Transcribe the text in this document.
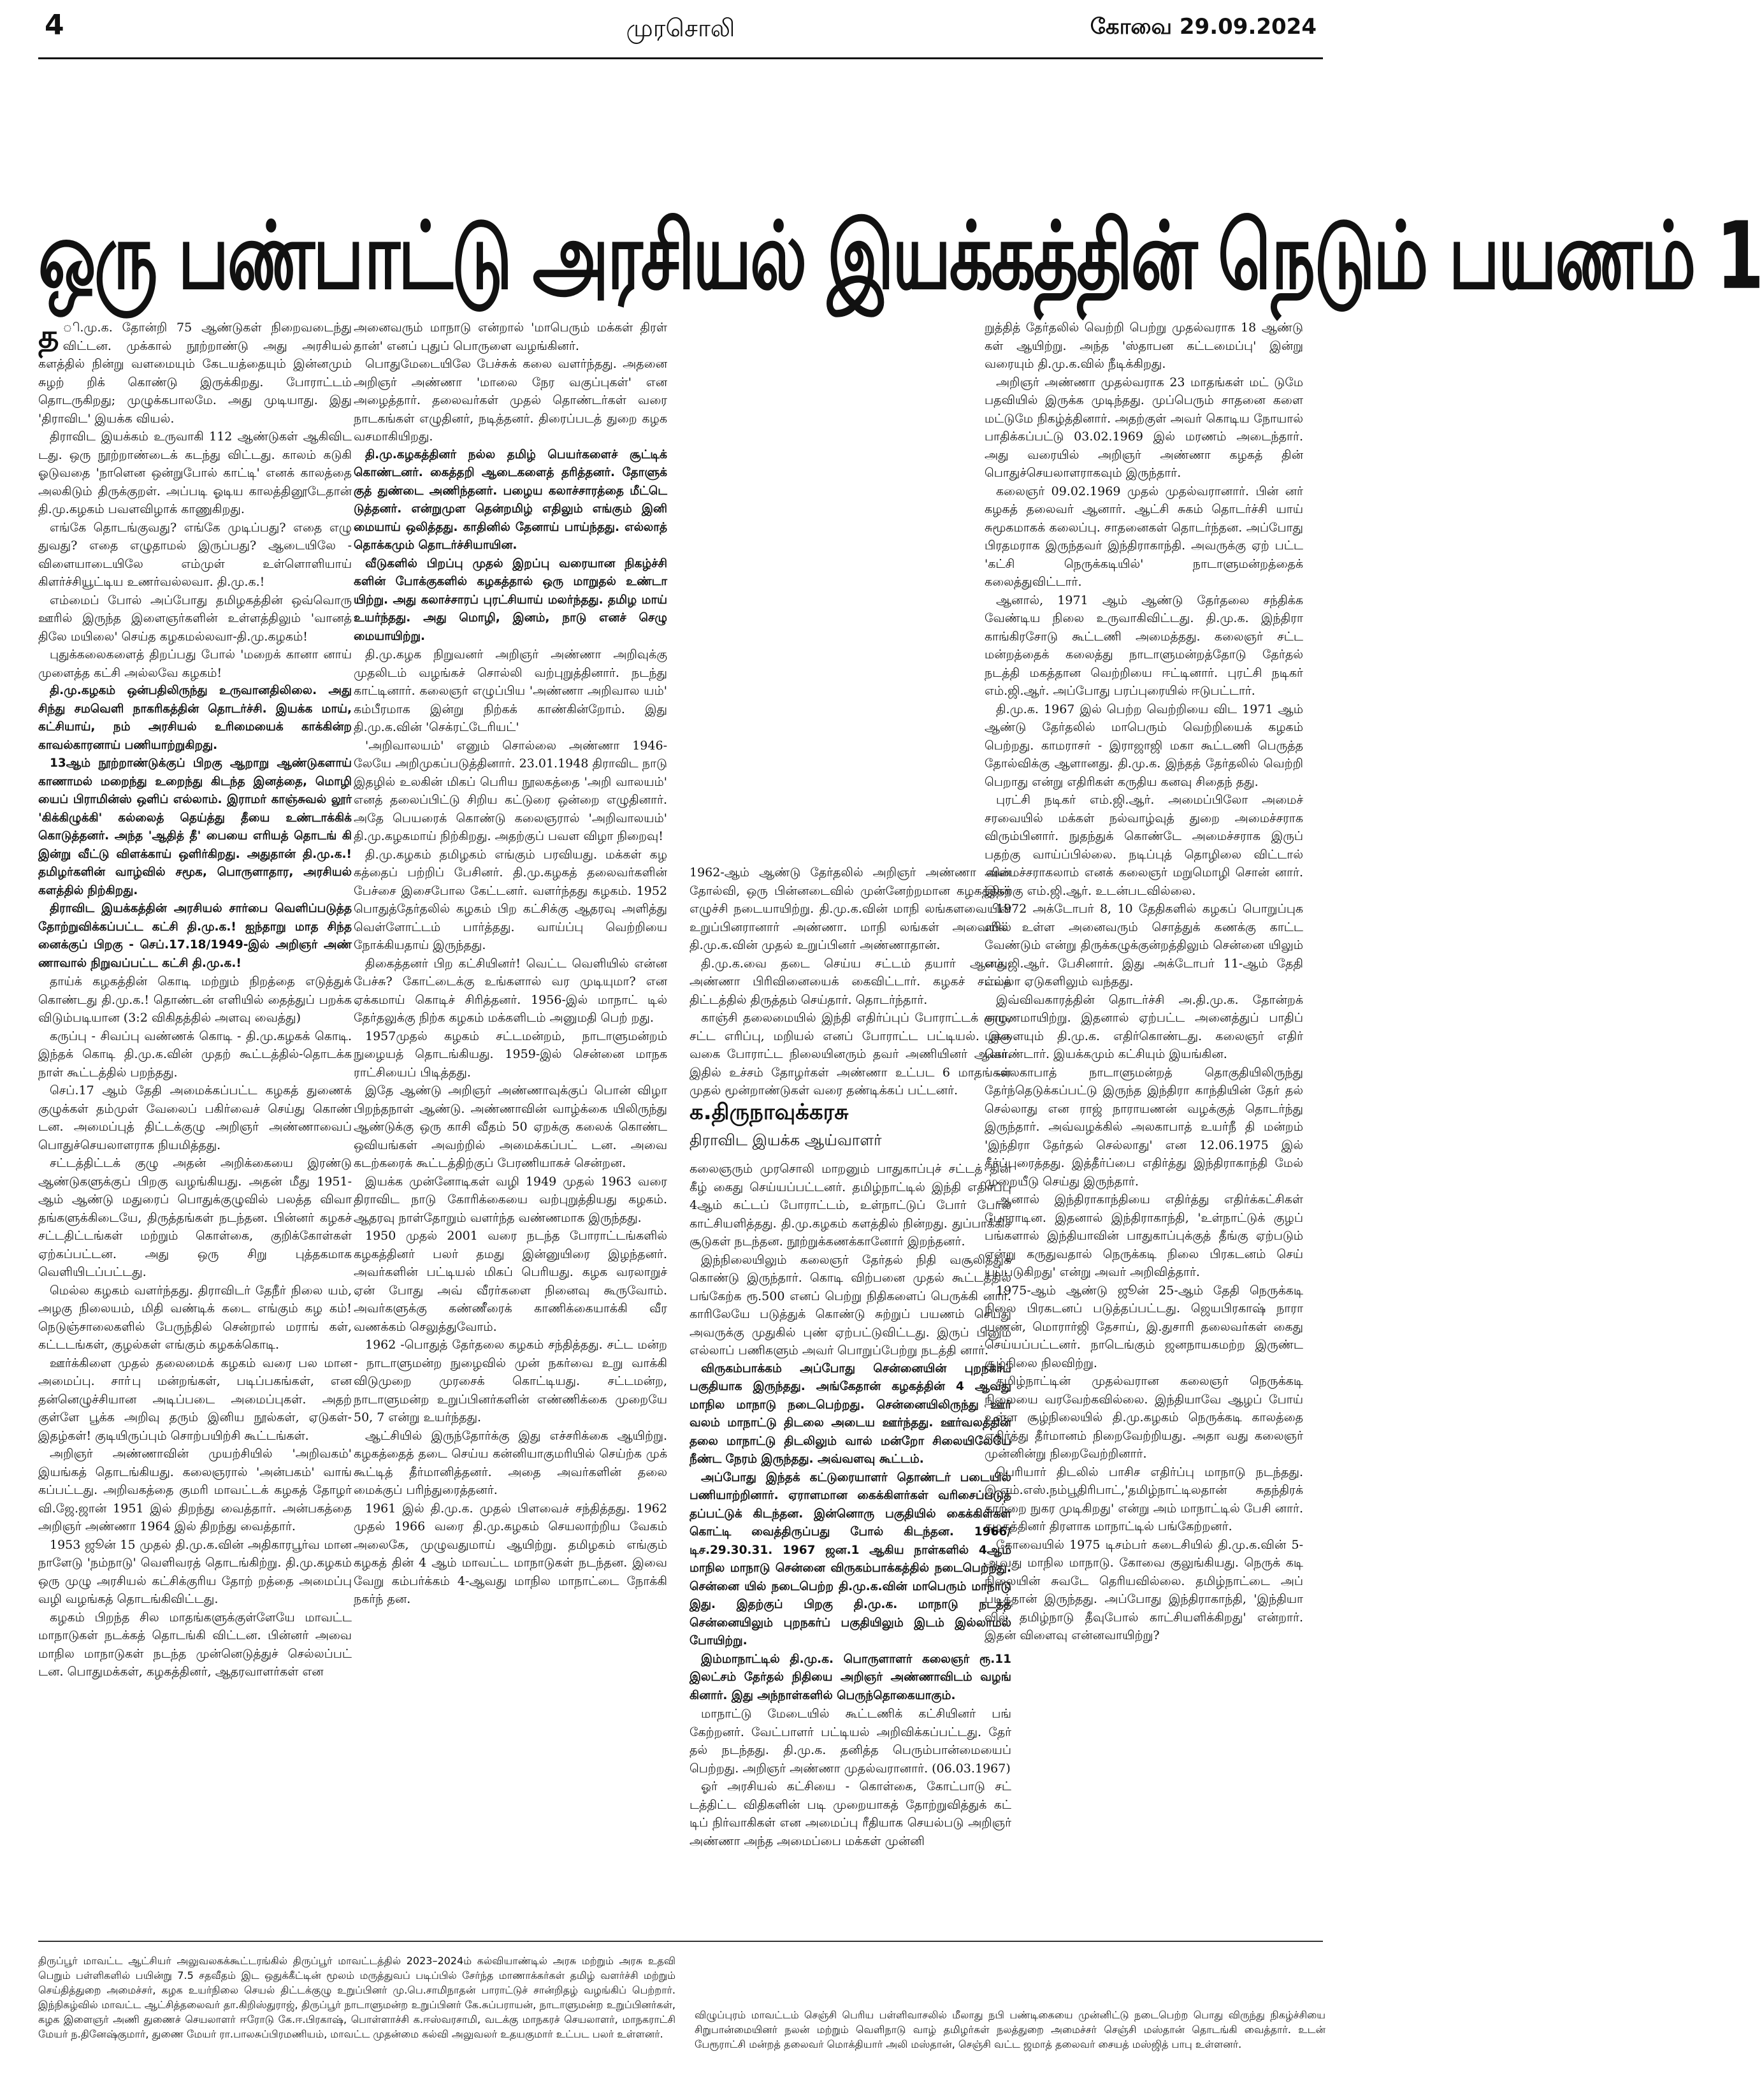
4	முரசொலி	கோவை 29.09.2024
ஒரு பண்பாட்டு அரசியல் இயக்கத்தின் நெடும் பயணம் 1

த ி.மு.க. தோன்றி 75 ஆண்டுகள் நிறைவடைந்து விட்டன. முக்கால் நூற்றாண்டு அது அரசியல் களத்தில் நின்று வளமையும் கேடயத்தையும் இன்னமும் சுழற் றிக் கொண்டு இருக்கிறது. போராட்டம் தொடருகிறது; முழுக்கபாலமே. அது முடியாது. இது 'திராவிட' இயக்க வியல்.

திராவிட இயக்கம் உருவாகி 112 ஆண்டுகள் ஆகிவிட டது. ஒரு நூற்றாண்டைக் கடந்து விட்டது. காலம் கடுகி ஓடுவதை 'நாளென ஒன்றுபோல் காட்டி' எனக் காலத்தை அலகிடும் திருக்குறள். அப்படி ஓடிய காலத்தினூடேதான் தி.மு.கழகம் பவளவிழாக் காணுகிறது.

எங்கே தொடங்குவது? எங்கே முடிப்பது? எதை எழு துவது? எதை எழுதாமல் இருப்பது? ஆடையிலே - விளையாடையிலே எம்முள் உள்ளொளியாய் கிளர்ச்சியூட்டிய உணர்வல்லவா. தி.மு.க.!

எம்மைப் போல் அப்போது தமிழகத்தின் ஒவ்வொரு ஊரில் இருந்த இளைஞர்களின் உள்ளத்திலும் 'வானத் திலே மயிலை' செய்த கழகமல்லவா-தி.மு.கழகம்!

புதுக்கலைகளைத் திறப்பது போல் 'மறைக் கானா னாய் முளைத்த கட்சி அல்லவே கழகம்!

தி.மு.கழகம் ஒன்பதிலிருந்து உருவானதிலிலை. அது சிந்து சமவெளி நாகரிகத்தின் தொடர்ச்சி. இயக்க மாய், கட்சியாய், நம் அரசியல் உரிமையைக் காக்கின்ற காவல்காரனாய் பணியாற்றுகிறது.

13ஆம் நூற்றாண்டுக்குப் பிறகு ஆறாறு ஆண்டுகளாய் காணாமல் மறைந்து உறைந்து கிடந்த இனத்தை, மொழி யைப் பிராமின்ஸ் ஒளிப் எல்லாம். இராமர் காஞ்சுவல் லூர் 'கிக்கிழுக்கி' கல்லைத் தெய்த்து தீயை உண்டாக்கிக் கொடுத்தனர். அந்த 'ஆதித் தீ' பையை எரியத் தொடங் கி இன்று வீட்டு விளக்காய் ஒளிர்கிறது. அதுதான் தி.மு.க.! தமிழர்களின் வாழ்வில் சமூக, பொருளாதார, அரசியல் களத்தில் நிற்கிறது.

திராவிட இயக்கத்தின் அரசியல் சார்பை வெளிப்படுத்த தோற்றுவிக்கப்பட்ட கட்சி தி.மு.க.! ஐந்தாறு மாத சிந்த னைக்குப் பிறகு - செப்.17.18/1949-இல் அறிஞர் அண் ணாவால் நிறுவப்பட்ட கட்சி தி.மு.க.!

தாய்க் கழகத்தின் கொடி மற்றும் நிறத்தை எடுத்துக் கொண்டது தி.மு.க.! தொண்டன் எளியில் தைத்துப் பறக்க விடும்படியான (3:2 விகிதத்தில் அளவு வைத்து)

கருப்பு - சிவப்பு வண்ணக் கொடி - தி.மு.கழகக் கொடி. இந்தக் கொடி தி.மு.க.வின் முதற் கூட்டத்தில்-தொடக்க நாள் கூட்டத்தில் பறந்தது.

செப்.17 ஆம் தேதி அமைக்கப்பட்ட கழகத் துணைக் குழுக்கள் தம்முள் வேலைப் பகிர்வைச் செய்து கொண் டன. அமைப்புத் திட்டக்குழு அறிஞர் அண்ணாவைப் பொதுச்செயலாளராக நியமித்தது.

சட்டத்திட்டக் குழு அதன் அறிக்கையை இரண்டு ஆண்டுகளுக்குப் பிறகு வழங்கியது. அதன் மீது 1951-ஆம் ஆண்டு மதுரைப் பொதுக்குழுவில் பலத்த விவா தங்களுக்கிடையே, திருத்தங்கள் நடந்தன. பின்னர் கழகச் சட்டதிட்டங்கள் மற்றும் கொள்கை, குறிக்கோள்கள் ஏற்கப்பட்டன. அது ஒரு சிறு புத்தகமாக வெளியிடப்பட்டது.

மெல்ல கழகம் வளர்ந்தது. திராவிடர் தேநீர் நிலை யம், அழகு நிலையம், மிதி வண்டிக் கடை எங்கும் கழ கம்! நெடுஞ்சாலைகளில் பேருந்தில் சென்றால் மராங் கள், கட்டடங்கள், குழல்கள் எங்கும் கழகக்கொடி.

ஊர்க்கிளை முதல் தலைமைக் கழகம் வரை பல மான அமைப்பு. சாா்பு மன்றங்கள், படிப்பகங்கள், என தன்னெழுச்சியான அடிப்படை அமைப்புகள். அதற் குள்ளே பூக்க அறிவு தரும் இனிய நூல்கள், ஏடுகள்- இதழ்கள்! குடியிருப்பும் சொற்பயிற்சி கூட்டங்கள்.

அறிஞர் அண்ணாவின் முயற்சியில் 'அறிவகம்' இயங்கத் தொடங்கியது. கலைஞரால் 'அன்பகம்' வாங் கப்பட்டது. அறிவகத்தை குமரி மாவட்டக் கழகத் தோழர் வி.ஜே.ஜான் 1951 இல் திறந்து வைத்தார். அன்பகத்தை அறிஞர் அண்ணா 1964 இல் திறந்து வைத்தார்.

1953 ஜூன் 15 முதல் தி.மு.க.வின் அதிகாரபூர்வ மான நாளேடு 'நம்நாடு' வெளிவரத் தொடங்கிற்று. தி.மு.கழகம் ஒரு முழு அரசியல் கட்சிக்குரிய தோற் றத்தை அமைப்பு வழி வழங்கத் தொடங்கிவிட்டது.

கழகம் பிறந்த சில மாதங்களுக்குள்ளேயே மாவட்ட மாநாடுகள் நடக்கத் தொடங்கி விட்டன. பின்னர் அவை மாநில மாநாடுகள் நடந்த முன்னெடுத்துச் செல்லப்பட் டன. பொதுமக்கள், கழகத்தினர், ஆதரவாளர்கள் என

அனைவரும் மாநாடு என்றால் 'மாபெரும் மக்கள் திரள் தான்' எனப் புதுப் பொருளை வழங்கினர்.

பொதுமேடையிலே பேச்சுக் கலை வளர்ந்தது. அதனை அறிஞர் அண்ணா 'மாலை நேர வகுப்புகள்' என அழைத்தார். தலைவர்கள் முதல் தொண்டர்கள் வரை நாடகங்கள் எழுதினர், நடித்தனர். திரைப்படத் துறை கழக வசமாகியிறது.

தி.மு.கழகத்தினர் நல்ல தமிழ் பெயர்களைச் சூட்டிக் கொண்டனர். கைத்தறி ஆடைகளைத் தரித்தனர். தோளுக் குத் துண்டை அணிந்தனர். பழைய கலாச்சாரத்தை மீட்டெ டுத்தனர். என்றுமுள தென்றமிழ் எதிலும் எங்கும் இனி மையாய் ஒலித்தது. காதினில் தேனாய் பாய்ந்தது. எல்லாத் தொக்கமும் தொடர்ச்சியாயின.

வீடுகளில் பிறப்பு முதல் இறப்பு வரையான நிகழ்ச்சி களின் போக்குகளில் கழகத்தால் ஒரு மாறுதல் உண்டா யிற்று. அது கலாச்சாரப் புரட்சியாய் மலர்ந்தது. தமிழ மாய் உயர்ந்தது. அது மொழி, இனம், நாடு எனச் செழு மையாயிற்று.

தி.மு.கழக நிறுவனர் அறிஞர் அண்ணா அறிவுக்கு முதலிடம் வழங்கச் சொல்லி வற்புறுத்தினார். நடந்து காட்டினார். கலைஞர் எழுப்பிய 'அண்ணா அறிவால யம்' கம்பீரமாக இன்று நிற்கக் காண்கின்றோம். இது தி.மு.க.வின் 'செக்ரட்டேரியட்'

'அறிவாலயம்' எனும் சொல்லை அண்ணா 1946-லேயே அறிமுகப்படுத்தினார். 23.01.1948 திராவிட நாடு இதழில் உலகின் மிகப் பெரிய நூலகத்தை 'அறி வாலயம்' எனத் தலைப்பிட்டு சிறிய கட்டுரை ஒன்றை எழுதினார். அதே பெயரைக் கொண்டு கலைஞரால் 'அறிவாலயம்' தி.மு.கழகமாய் நிற்கிறது. அதற்குப் பவள விழா நிறைவு!

தி.மு.கழகம் தமிழகம் எங்கும் பரவியது. மக்கள் கழ கத்தைப் பற்றிப் பேசினர். தி.மு.கழகத் தலைவர்களின் பேச்சை இசைபோல கேட்டனர். வளர்ந்தது கழகம். 1952 பொதுத்தேர்தலில் கழகம் பிற கட்சிக்கு ஆதரவு அளித்து வெள்ளோட்டம் பார்த்தது. வாய்ப்பு வெற்றியை நோக்கியதாய் இருந்தது.

திகைத்தனர் பிற கட்சியினர்! வெட்ட வெளியில் என்ன பேச்சு? கோட்டைக்கு உங்களால் வர முடியுமா? என ஏக்கமாய் கொடிச் சிரித்தனர். 1956-இல் மாநாட் டில் தேர்தலுக்கு நிற்க கழகம் மக்களிடம் அனுமதி பெற் றது.

1957முதல் கழகம் சட்டமன்றம், நாடாளுமன்றம் நுழையத் தொடங்கியது. 1959-இல் சென்னை மாநக ராட்சியைப் பிடித்தது.

இதே ஆண்டு அறிஞர் அண்ணாவுக்குப் பொன் விழா பிறந்தநாள் ஆண்டு. அண்ணாவின் வாழ்க்கை யிலிருந்து ஆண்டுக்கு ஒரு காசி வீதம் 50 ஏறக்கு கலைக் கொண்ட ஒவியங்கள் அவற்றில் அமைக்கப்பட் டன. அவை கடற்கரைக் கூட்டத்திற்குப் பேரணியாகச் சென்றன.

இயக்க முன்னோடிகள் வழி 1949 முதல் 1963 வரை திராவிட நாடு கோரிக்கையை வற்புறுத்தியது கழகம். ஆதரவு நாள்தோறும் வளர்ந்த வண்ணமாக இருந்தது.

1950 முதல் 2001 வரை நடந்த போராட்டங்களில் கழகத்தினர் பலர் தமது இன்னுயிரை இழந்தனர். அவர்களின் பட்டியல் மிகப் பெரியது. கழக வரலாறுச் ஏன் போது அவ் வீரர்களை நினைவு கூருவோம். அவர்களுக்கு கண்ணீரைக் காணிக்கையாக்கி வீர வணக்கம் செலுத்துவோம்.

1962 -பொதுத் தேர்தலை கழகம் சந்தித்தது. சட்ட மன்ற - நாடாளுமன்ற நுழைவில் முன் நகர்வை உறு வாக்கி விடுமுறை முரசைக் கொட்டியது. சட்டமன்ற, நாடாளுமன்ற உறுப்பினர்களின் எண்ணிக்கை முறையே 50, 7 என்று உயர்ந்தது.

ஆட்சியில் இருந்தோர்க்கு இது எச்சரிக்கை ஆயிற்று. கழகத்தைத் தடை செய்ய கன்னியாகுமரியில் செய்ற்க முக் கூட்டித் தீர்மானித்தனர். அதை அவர்களின் தலை மைக்குப் பரிந்துரைத்தனர்.

1961 இல் தி.மு.க. முதல் பிளவைச் சந்தித்தது. 1962 முதல் 1966 வரை தி.மு.கழகம் செயலாற்றிய வேகம் அலைகே, முழுவதுமாய் ஆயிற்று. தமிழகம் எங்கும் கழகத் தின் 4 ஆம் மாவட்ட மாநாடுகள் நடந்தன. இவை வேறு கம்பர்க்கம் 4-ஆவது மாநில மாநாட்டை நோக்கி நகர்ந் தன.

1962-ஆம் ஆண்டு தேர்தலில் அறிஞர் அண்ணா வின் தோல்வி, ஒரு பின்னடைவில் முன்னேற்றமான கழகத்தின் எழுச்சி நடையாயிற்று. தி.மு.க.வின் மாநி லங்களவையின் உறுப்பினரானார் அண்ணா. மாநி லங்கள் அவையில் தி.மு.க.வின் முதல் உறுப்பினர் அண்ணாதான்.

தி.மு.க.வை தடை செய்ய சட்டம் தயார் ஆனது. அண்ணா பிரிவினையைக் கைவிட்டார். கழகச் சட்டத் திட்டத்தில் திருத்தம் செய்தார். தொடர்ந்தார்.

காஞ்சி தலைமையில் இந்தி எதிர்ப்புப் போராட்டக் குழு, சட்ட எரிப்பு, மறியல் எனப் போராட்ட பட்டியல். இரு வகை போராட்ட நிலையினரும் தவர் அணியினர் ஆவர். இதில் உச்சம் தோழர்கள் அண்ணா உட்பட 6 மாதங்கள் முதல் மூன்றாண்டுகள் வரை தண்டிக்கப் பட்டனர்.

க.திருநாவுக்கரசு
திராவிட இயக்க ஆய்வாளர்

கலைஞரும் முரசொலி மாறனும் பாதுகாப்புச் சட்டத் தின் கீழ் கைது செய்யப்பட்டனர். தமிழ்நாட்டில் இந்தி எதிர்ப்பு 4ஆம் கட்டப் போராட்டம், உள்நாட்டுப் போர் போல் காட்சியளித்தது. தி.மு.கழகம் களத்தில் நின்றது. துப்பாக்கிச் சூடுகள் நடந்தன. நூற்றுக்கணக்கானோர் இறந்தனர்.

இந்நிலையிலும் கலைஞர் தேர்தல் நிதி வசூலித்துக் கொண்டு இருந்தார். கொடி விற்பனை முதல் கூட்டத்தில் பங்கேற்க ரூ.500 எனப் பெற்று நிதிகளைப் பெருக்கி னார். காரிலேயே படுத்துக் கொண்டு சுற்றுப் பயணம் செய்து அவருக்கு முதுகில் புண் ஏற்பட்டுவிட்டது. இருப் பினும் எல்லாப் பணிகளும் அவர் பொறுப்பேற்று நடத்தி னார்.

விருகம்பாக்கம் அப்போது சென்னையின் புறநகர்ப் பகுதியாக இருந்தது. அங்கேதான் கழகத்தின் 4 ஆவது மாநில மாநாடு நடைபெற்றது. சென்னையிலிருந்து ஊர் வலம் மாநாட்டு திடலை அடைய ஊர்ந்தது. ஊர்வலத்தின் தலை மாநாட்டு திடலிலும் வால் மன்றோ சிலையிலேயே நீண்ட நேரம் இருந்தது. அவ்வளவு கூட்டம்.

அப்போது இந்தக் கட்டுரையாளர் தொண்டர் படையில் பணியாற்றினார். ஏராளமான கைக்கிளர்கள் வரிசைப்படுத் தப்பட்டுக் கிடந்தன. இன்னொரு பகுதியில் கைக்கிள்கள் கொட்டி வைத்திருப்பது போல் கிடந்தன. 1966/டிச.29.30.31. 1967 ஜன.1 ஆகிய நாள்களில் 4ஆம் மாநில மாநாடு சென்னை விருகம்பாக்கத்தில் நடைபெற்றது. சென்னை யில் நடைபெற்ற தி.மு.க.வின் மாபெரும் மாநாடு இது. இதற்குப் பிறகு தி.மு.க. மாநாடு நடத்த சென்னையிலும் புறநகர்ப் பகுதியிலும் இடம் இல்லாமல் போயிற்று.

இம்மாநாட்டில் தி.மு.க. பொருளாளர் கலைஞர் ரூ.11 இலட்சம் தேர்தல் நிதியை அறிஞர் அண்ணாவிடம் வழங் கினார். இது அந்நாள்களில் பெருந்தொகையாகும்.

மாநாட்டு மேடையில் கூட்டணிக் கட்சியினர் பங் கேற்றனர். வேட்பாளர் பட்டியல் அறிவிக்கப்பட்டது. தேர் தல் நடந்தது. தி.மு.க. தனித்த பெரும்பான்மையைப் பெற்றது. அறிஞர் அண்ணா முதல்வரானார். (06.03.1967)

ஓர் அரசியல் கட்சியை - கொள்கை, கோட்பாடு சட் டத்திட்ட விதிகளின் படி முறையாகத் தோற்றுவித்துக் கட் டிப் நிர்வாகிகள் என அமைப்பு ரீதியாக செயல்படு அறிஞர் அண்ணா அந்த அமைப்பை மக்கள் முன்னி

றுத்தித் தேர்தலில் வெற்றி பெற்று முதல்வராக 18 ஆண்டு கள் ஆயிற்று. அந்த 'ஸ்தாபன கட்டமைப்பு' இன்று வரையும் தி.மு.க.வில் நீடிக்கிறது.

அறிஞர் அண்ணா முதல்வராக 23 மாதங்கள் மட் டுமே பதவியில் இருக்க முடிந்தது. முப்பெரும் சாதனை களை மட்டுமே நிகழ்த்தினார். அதற்குள் அவர் கொடிய நோயால் பாதிக்கப்பட்டு 03.02.1969 இல் மரணம் அடைந்தார். அது வரையில் அறிஞர் அண்ணா கழகத் தின் பொதுச்செயலாளராகவும் இருந்தார்.

கலைஞர் 09.02.1969 முதல் முதல்வரானார். பின் னர் கழகத் தலைவர் ஆனார். ஆட்சி சுகம் தொடர்ச்சி யாய் சுமூகமாகக் கலைப்பு. சாதனைகள் தொடர்ந்தன. அப்போது பிரதமராக இருந்தவர் இந்திராகாந்தி. அவருக்கு ஏற் பட்ட 'கட்சி நெருக்கடியில்' நாடாளுமன்றத்தைக் கலைத்துவிட்டார்.

ஆனால், 1971 ஆம் ஆண்டு தேர்தலை சந்திக்க வேண்டிய நிலை உருவாகிவிட்டது. தி.மு.க. இந்திரா காங்கிரசோடு கூட்டணி அமைத்தது. கலைஞர் சட்ட மன்றத்தைக் கலைத்து நாடாளுமன்றத்தோடு தேர்தல் நடத்தி மகத்தான வெற்றியை ஈட்டினார். புரட்சி நடிகர் எம்.ஜி.ஆர். அப்போது பரப்புரையில் ஈடுபட்டார்.

தி.மு.க. 1967 இல் பெற்ற வெற்றியை விட 1971 ஆம் ஆண்டு தேர்தலில் மாபெரும் வெற்றியைக் கழகம் பெற்றது. காமராசர் - இராஜாஜி மகா கூட்டணி பெருத்த தோல்விக்கு ஆளானது. தி.மு.க. இந்தத் தேர்தலில் வெற்றி பெறாது என்று எதிரிகள் கருதிய கனவு சிதைந் தது.

புரட்சி நடிகர் எம்.ஜி.ஆர். அமைப்பிலோ அமைச் சரவையில் மக்கள் நல்வாழ்வுத் துறை அமைச்சராக விரும்பினார். நுதந்துக் கொண்டே அமைச்சராக இருப் பதற்கு வாய்ப்பில்லை. நடிப்புத் தொழிலை விட்டால் அமைச்சராகலாம் எனக் கலைஞர் மறுமொழி சொன் னார். இதற்கு எம்.ஜி.ஆர். உடன்படவில்லை.

1972 அக்டோபர் 8, 10 தேதிகளில் கழகப் பொறுப்புக ளில் உள்ள அனைவரும் சொத்துக் கணக்கு காட்ட வேண்டும் என்று திருக்கழுக்குன்றத்திலும் சென்னை யிலும் எம்.ஜி.ஆர். பேசினார். இது அக்டோபர் 11-ஆம் தேதி எல்லா ஏடுகளிலும் வந்தது.

இவ்விவகாரத்தின் தொடர்ச்சி அ.தி.மு.க. தோன்றக் காரணமாயிற்று. இதனால் ஏற்பட்ட அனைத்துப் பாதிப் புகளையும் தி.மு.க. எதிர்கொண்டது. கலைஞர் எதிர் கொண்டார். இயக்கமும் கட்சியும் இயங்கின.

அலகாபாத் நாடாளுமன்றத் தொகுதியிலிருந்து தேர்ந்தெடுக்கப்பட்டு இருந்த இந்திரா காந்தியின் தேர் தல் செல்லாது என ராஜ் நாராயணன் வழக்குத் தொடர்ந்து இருந்தார். அவ்வழக்கில் அலகாபாத் உயர்நீ தி மன்றம் 'இந்திரா தேர்தல் செல்லாது' என 12.06.1975 இல் தீர்ப்புரைத்தது. இத்தீர்ப்பை எதிர்த்து இந்திராகாந்தி மேல் முறையீடு செய்து இருந்தார்.

ஆனால் இந்திராகாந்தியை எதிர்த்து எதிர்க்கட்சிகள் போராடின. இதனால் இந்திராகாந்தி, 'உள்நாட்டுக் குழப் பங்களால் இந்தியாவின் பாதுகாப்புக்குத் தீங்கு ஏற்படும் என்று கருதுவதால் நெருக்கடி நிலை பிரகடனம் செய் யப்படுகிறது' என்று அவர் அறிவித்தார்.

1975-ஆம் ஆண்டு ஜூன் 25-ஆம் தேதி நெருக்கடி நிலை பிரகடனப் படுத்தப்பட்டது. ஜெயபிரகாஷ் நாரா யணன், மொரார்ஜி தேசாய், இ.துசாரி தலைவர்கள் கைது செய்யப்பட்டனர். நாடெங்கும் ஜனநாயகமற்ற இருண்ட சூழ்நிலை நிலவிற்று.

தமிழ்நாட்டின் முதல்வரான கலைஞர் நெருக்கடி நிலையை வரவேற்கவில்லை. இந்தியாவே ஆழப் போய் உள்ள சூழ்நிலையில் தி.மு.கழகம் நெருக்கடி காலத்தை எதிர்த்து தீர்மானம் நிறைவேற்றியது. அதா வது கலைஞர் முன்னின்று நிறைவேற்றினார்.

பெரியார் திடலில் பாசிச எதிர்ப்பு மாநாடு நடந்தது. இ.எம்.எஸ்.நம்பூதிரிபாட்,'தமிழ்நாட்டிலதான் சுதந்திரக் காற்றை நுகர முடிகிறது' என்று அம் மாநாட்டில் பேசி னார். கழகத்தினர் திரளாக மாநாட்டில் பங்கேற்றனர்.

கோவையில் 1975 டிசம்பர் கடைசியில் தி.மு.க.வின் 5-ஆவது மாநில மாநாடு. கோவை குலுங்கியது. நெருக் கடி நிலையின் சுவடே தெரியவில்லை. தமிழ்நாட்டை அப் படித்தான் இருந்தது. அப்போது இந்திராகாந்தி, 'இந்தியா வில் தமிழ்நாடு தீவுபோல் காட்சியளிக்கிறது' என்றார். இதன் விளைவு என்னவாயிற்று?

திருப்பூர் மாவட்ட ஆட்சியர் அலுவலகக்கூட்டரங்கில் திருப்பூர் மாவட்டத்தில் 2023–2024ம் கல்வியாண்டில் அரசு மற்றும் அரசு உதவி பெறும் பள்ளிகளில் பயின்று 7.5 சதவீதம் இட ஒதுக்கீட்டின் மூலம் மருத்துவப் படிப்பில் சேர்ந்த மாணாக்கர்கள் தமிழ் வளர்ச்சி மற்றும் செய்தித்துறை அமைச்சர், கழக உயர்நிலை செயல் திட்டக்குழு உறுப்பினர் மு.பெ.சாமிநாதன் பாராட்டுச் சான்றிதழ் வழங்கிப் பெற்றார். இந்நிகழ்வில் மாவட்ட ஆட்சித்தலைவர் தா.கிறிஸ்துராஜ், திருப்பூர் நாடாளுமன்ற உறுப்பினர் கே.சுப்பராயன், நாடாளுமன்ற உறுப்பினர்கள், கழக இளைஞர் அணி துணைச் செயலாளர் ஈரோடு கே.ஈ.பிரகாஷ், பொள்ளாச்சி க.ஈஸ்வரசாமி, வடக்கு மாநகரச் செயலாளர், மாநகராட்சி மேயர் ந.தினேஷ்குமார், துணை மேயர் ரா.பாலசுப்பிரமணியம், மாவட்ட முதன்மை கல்வி அலுவலர் உதயகுமார் உட்பட பலர் உள்ளனர்.
விழுப்புரம் மாவட்டம் செஞ்சி பெரிய பள்ளிவாசலில் மீலாது நபி பண்டிகையை முன்னிட்டு நடைபெற்ற பொது விருந்து நிகழ்ச்சியை சிறுபான்மையினர் நலன் மற்றும் வெளிநாடு வாழ் தமிழர்கள் நலத்துறை அமைச்சர் செஞ்சி மஸ்தான் தொடங்கி வைத்தார். உடன் பேரூராட்சி மன்றத் தலைவர் மொக்தியார் அலி மஸ்தான், செஞ்சி வட்ட ஜமாத் தலைவர் சையத் மஸ்ஜித் பாபு உள்ளனர்.
